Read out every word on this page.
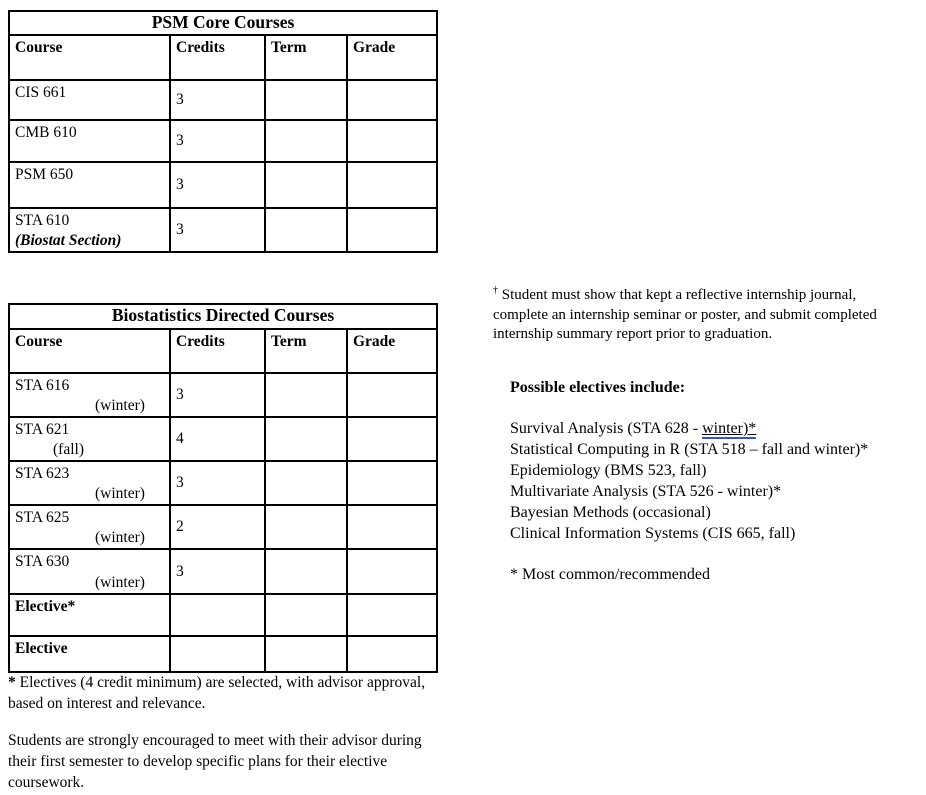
PSM Core Courses			
Course	Credits	Term	Grade

CIS 661	3		

CMB 610	3		

PSM 650	3		

STA 610
(Biostat Section)	3		
Biostatistics Directed Courses			
Course	Credits	Term	Grade

STA 616
(winter)	3		

STA 621
(fall)	4		

STA 623
(winter)	3		

STA 625
(winter)	2		

STA 630
(winter)	3		

Elective*			

Elective			

† Student must show that kept a reflective internship journal,
complete an internship seminar or poster, and submit completed
internship summary report prior to graduation.
Possible electives include:
Survival Analysis (STA 628 - winter)*
Statistical Computing in R (STA 518 – fall and winter)*
Epidemiology (BMS 523, fall)
Multivariate Analysis (STA 526 - winter)*
Bayesian Methods (occasional)
Clinical Information Systems (CIS 665, fall)
* Most common/recommended
* Electives (4 credit minimum) are selected, with advisor approval,
based on interest and relevance.
Students are strongly encouraged to meet with their advisor during
their first semester to develop specific plans for their elective
coursework.
